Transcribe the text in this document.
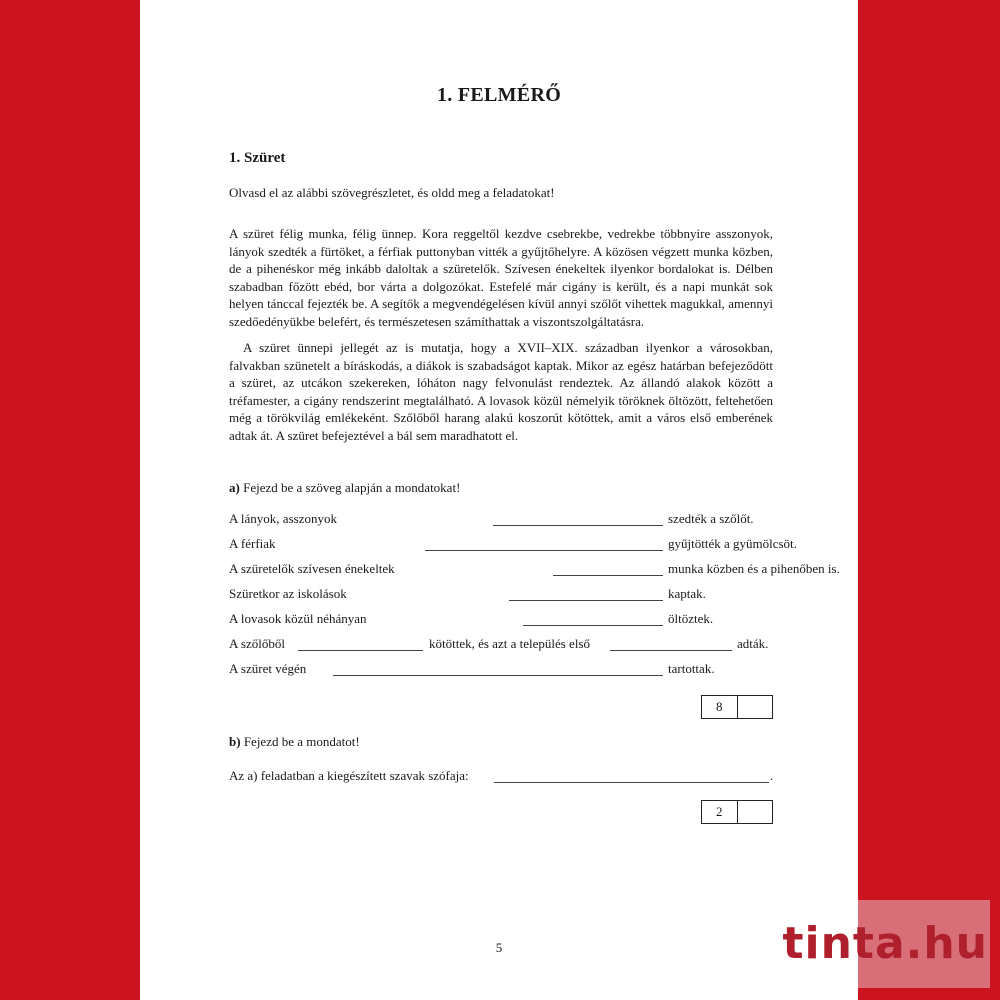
1. FELMÉRŐ
1. Szüret
Olvasd el az alábbi szövegrészletet, és oldd meg a feladatokat!

A szüret félig munka, félig ünnep. Kora reggeltől kezdve csebrekbe, vedrekbe többnyire asszonyok, lányok szedték a fürtöket, a férfiak puttonyban vitték a gyűjtőhelyre. A közösen végzett munka közben, de a pihenéskor még inkább daloltak a szüretelők. Szívesen énekeltek ilyenkor bordalokat is. Délben szabadban főzött ebéd, bor várta a dolgozókat. Estefelé már cigány is került, és a napi munkát sok helyen tánccal fejezték be. A segítők a megvendégelésen kívül annyi szőlőt vihettek magukkal, amennyi szedőedényükbe belefért, és természetesen számíthattak a viszontszolgáltatásra.

A szüret ünnepi jellegét az is mutatja, hogy a XVII–XIX. században ilyenkor a városokban, falvakban szünetelt a bíráskodás, a diákok is szabadságot kaptak. Mikor az egész határban befejeződött a szüret, az utcákon szekereken, lóháton nagy felvonulást rendeztek. Az állandó alakok között a tréfamester, a cigány rendszerint megtalálható. A lovasok közül némelyik töröknek öltözött, feltehetően még a törökvilág emlékeként. Szőlőből harang alakú koszorút kötöttek, amit a város első emberének adtak át. A szüret befejeztével a bál sem maradhatott el.

a) Fejezd be a szöveg alapján a mondatokat!
A lányok, asszonyok	szedték a szőlőt.
A férfiak	gyűjtötték a gyümölcsöt.
A szüretelők szívesen énekeltek	munka közben és a pihenőben is.
Szüretkor az iskolások	kaptak.
A lovasok közül néhányan	öltöztek.
A szőlőből	kötöttek, és azt a település első	adták.
A szüret végén	tartottak.
8
b) Fejezd be a mondatot!
Az a) feladatban a kiegészített szavak szófaja:	.
2
5	tinta.hu
